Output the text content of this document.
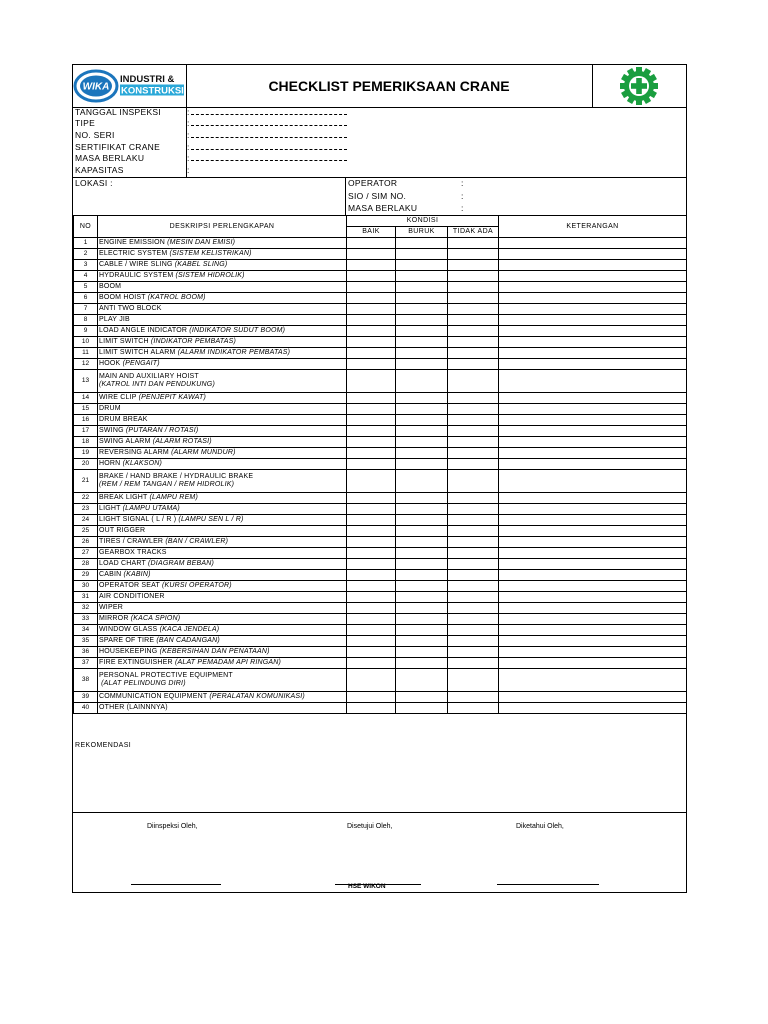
WIKA
INDUSTRI &
KONSTRUKSI	CHECKLIST PEMERIKSAAN CRANE
TANGGAL INSPEKSI	:
TIPE	:
NO. SERI	:
SERTIFIKAT CRANE	:
MASA BERLAKU	:
KAPASITAS	:
LOKASI :	OPERATOR	:
SIO / SIM NO.	:
MASA BERLAKU	:
NO	DESKRIPSI PERLENGKAPAN	KONDISI			KETERANGAN
		BAIK	BURUK	TIDAK ADA	
1	ENGINE EMISSION (MESIN DAN EMISI)				
2	ELECTRIC SYSTEM (SISTEM KELISTRIKAN)				
3	CABLE / WIRE SLING (KABEL SLING)				
4	HYDRAULIC SYSTEM (SISTEM HIDROLIK)				
5	BOOM				
6	BOOM HOIST (KATROL BOOM)				
7	ANTI TWO BLOCK				
8	PLAY JIB				
9	LOAD ANGLE INDICATOR (INDIKATOR SUDUT BOOM)				
10	LIMIT SWITCH (INDIKATOR PEMBATAS)				
11	LIMIT SWITCH ALARM (ALARM INDIKATOR PEMBATAS)				
12	HOOK (PENGAIT)				
13	MAIN AND AUXILIARY HOIST
(KATROL INTI DAN PENDUKUNG)				
14	WIRE CLIP (PENJEPIT KAWAT)				
15	DRUM				
16	DRUM BREAK				
17	SWING (PUTARAN / ROTASI)				
18	SWING ALARM (ALARM ROTASI)				
19	REVERSING ALARM (ALARM MUNDUR)				
20	HORN (KLAKSON)				
21	BRAKE / HAND BRAKE / HYDRAULIC BRAKE
(REM / REM TANGAN / REM HIDROLIK)				
22	BREAK LIGHT (LAMPU REM)				
23	LIGHT (LAMPU UTAMA)				
24	LIGHT SIGNAL ( L / R ) (LAMPU SEN L / R)				
25	OUT RIGGER				
26	TIRES / CRAWLER (BAN / CRAWLER)				
27	GEARBOX TRACKS				
28	LOAD CHART (DIAGRAM BEBAN)				
29	CABIN (KABIN)				
30	OPERATOR SEAT (KURSI OPERATOR)				
31	AIR CONDITIONER				
32	WIPER				
33	MIRROR (KACA SPION)				
34	WINDOW GLASS (KACA JENDELA)				
35	SPARE OF TIRE (BAN CADANGAN)				
36	HOUSEKEEPING (KEBERSIHAN DAN PENATAAN)				
37	FIRE EXTINGUISHER (ALAT PEMADAM API RINGAN)				
38	PERSONAL PROTECTIVE EQUIPMENT
(ALAT PELINDUNG DIRI)				
39	COMMUNICATION EQUIPMENT (PERALATAN KOMUNIKASI)				
40	OTHER (LAINNNYA)				
REKOMENDASI
Diinspeksi Oleh,	Disetujui Oleh,	Diketahui Oleh,
HSE WIKON
